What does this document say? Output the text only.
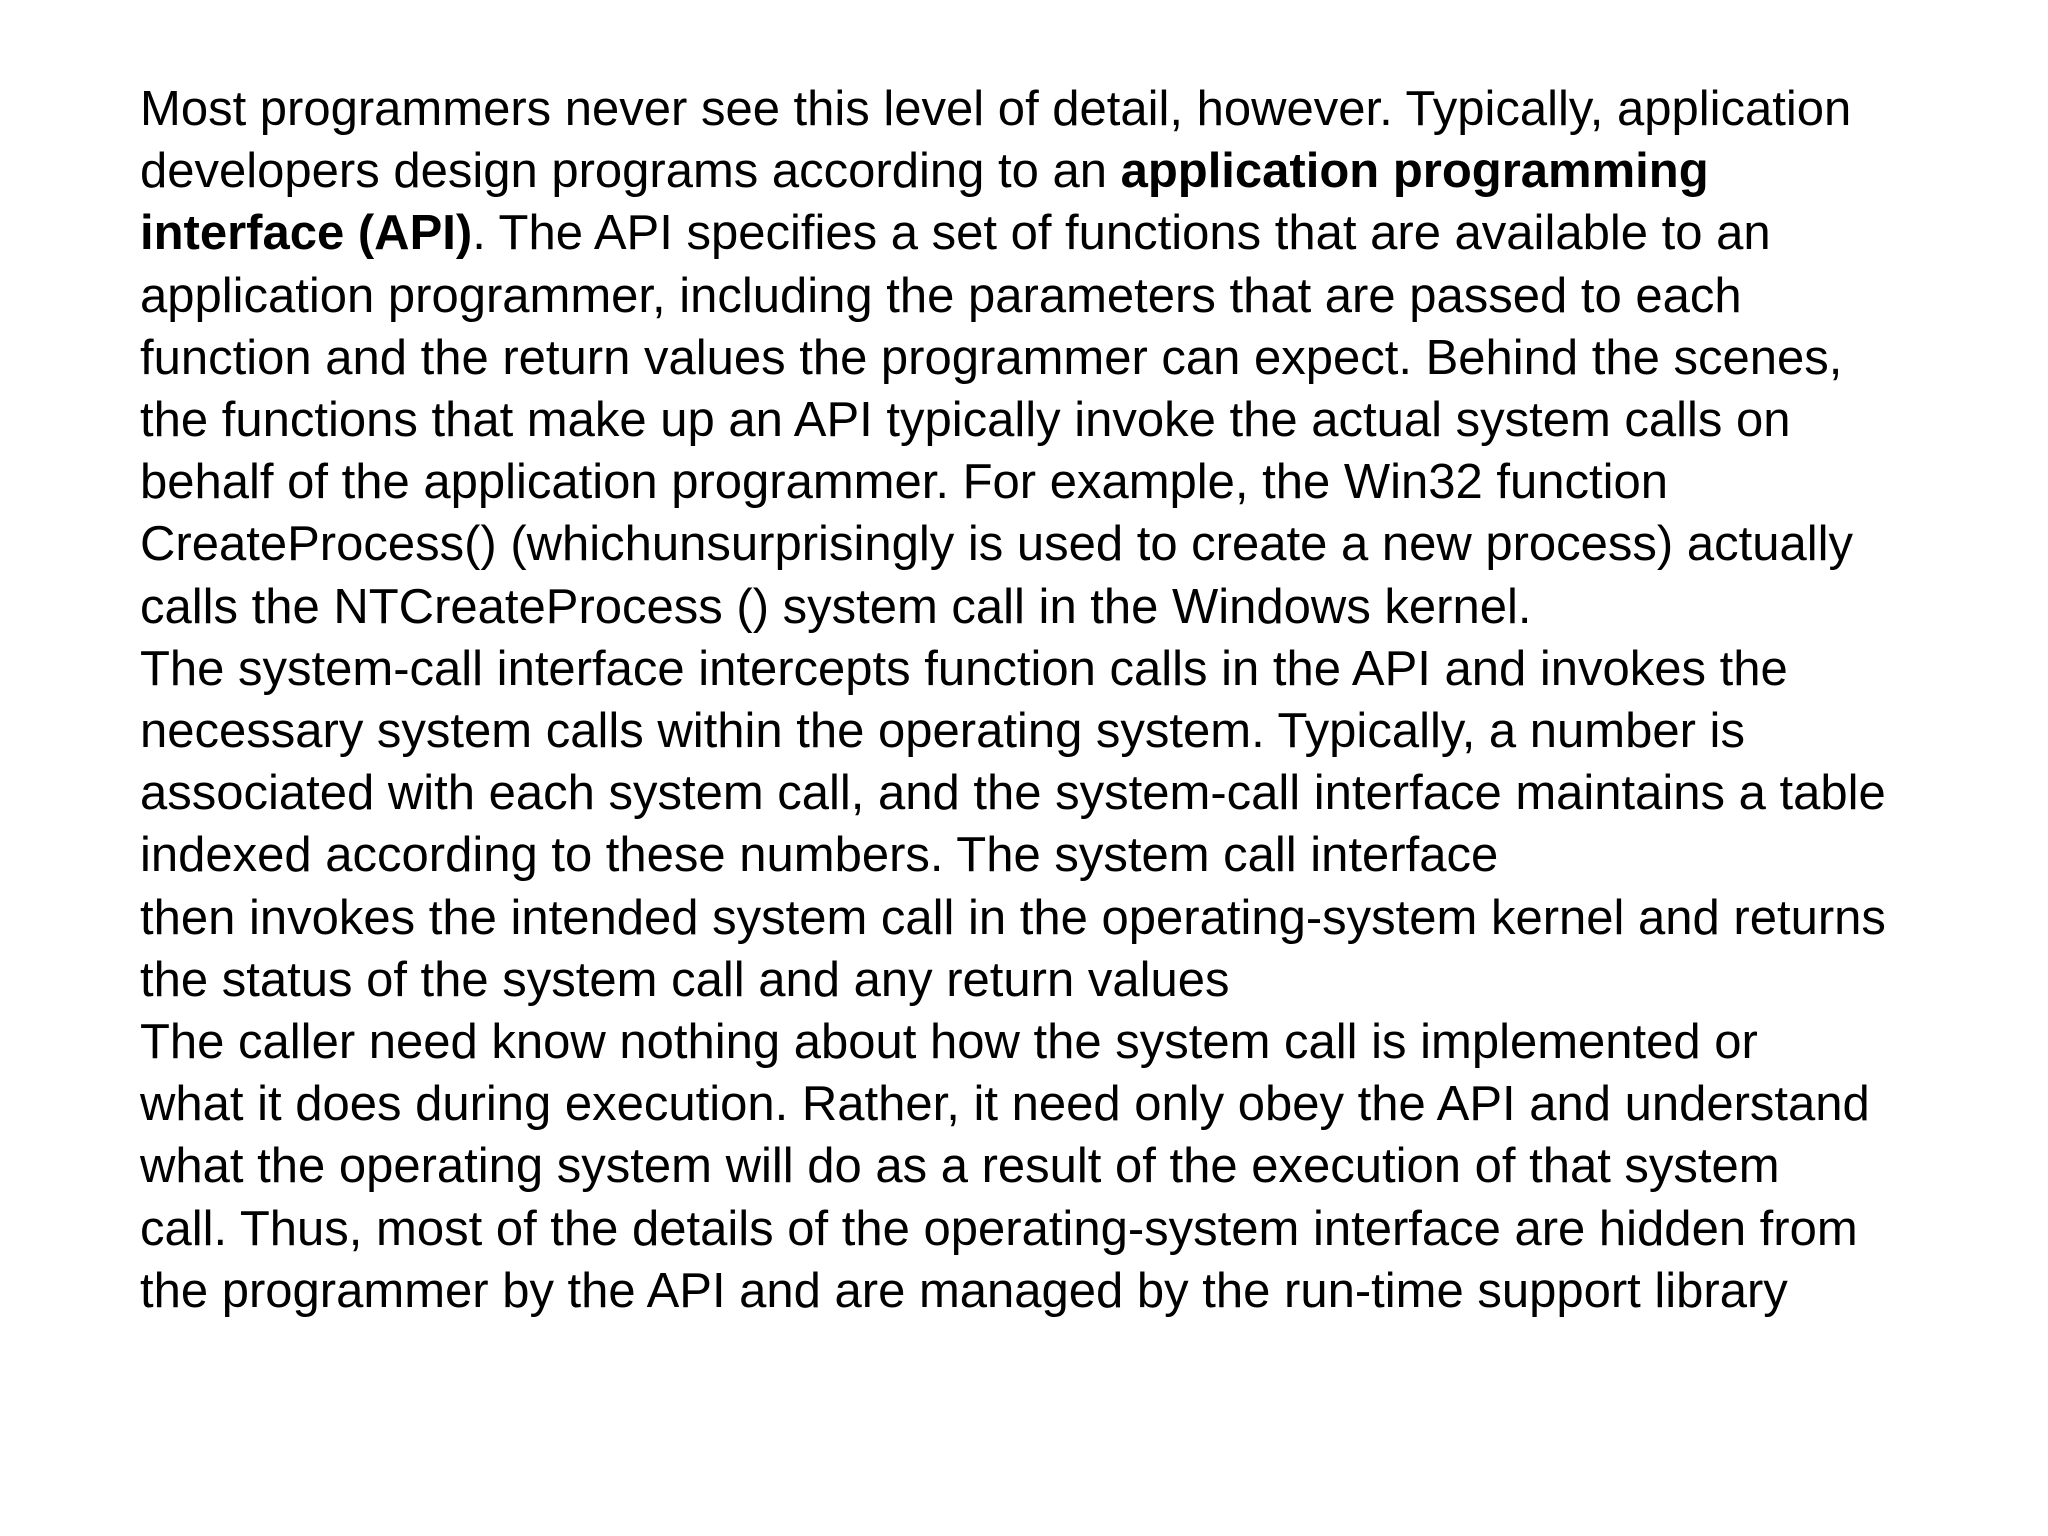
Most programmers never see this level of detail, however. Typically, application
developers design programs according to an application programming
interface (API). The API specifies a set of functions that are available to an
application programmer, including the parameters that are passed to each
function and the return values the programmer can expect. Behind the scenes,
the functions that make up an API typically invoke the actual system calls on
behalf of the application programmer. For example, the Win32 function
CreateProcess() (whichunsurprisingly is used to create a new process) actually
calls the NTCreateProcess () system call in the Windows kernel.
The system-call interface intercepts function calls in the API and invokes the
necessary system calls within the operating system. Typically, a number is
associated with each system call, and the system-call interface maintains a table
indexed according to these numbers. The system call interface
then invokes the intended system call in the operating-system kernel and returns
the status of the system call and any return values
The caller need know nothing about how the system call is implemented or
what it does during execution. Rather, it need only obey the API and understand
what the operating system will do as a result of the execution of that system
call. Thus, most of the details of the operating-system interface are hidden from
the programmer by the API and are managed by the run-time support library
